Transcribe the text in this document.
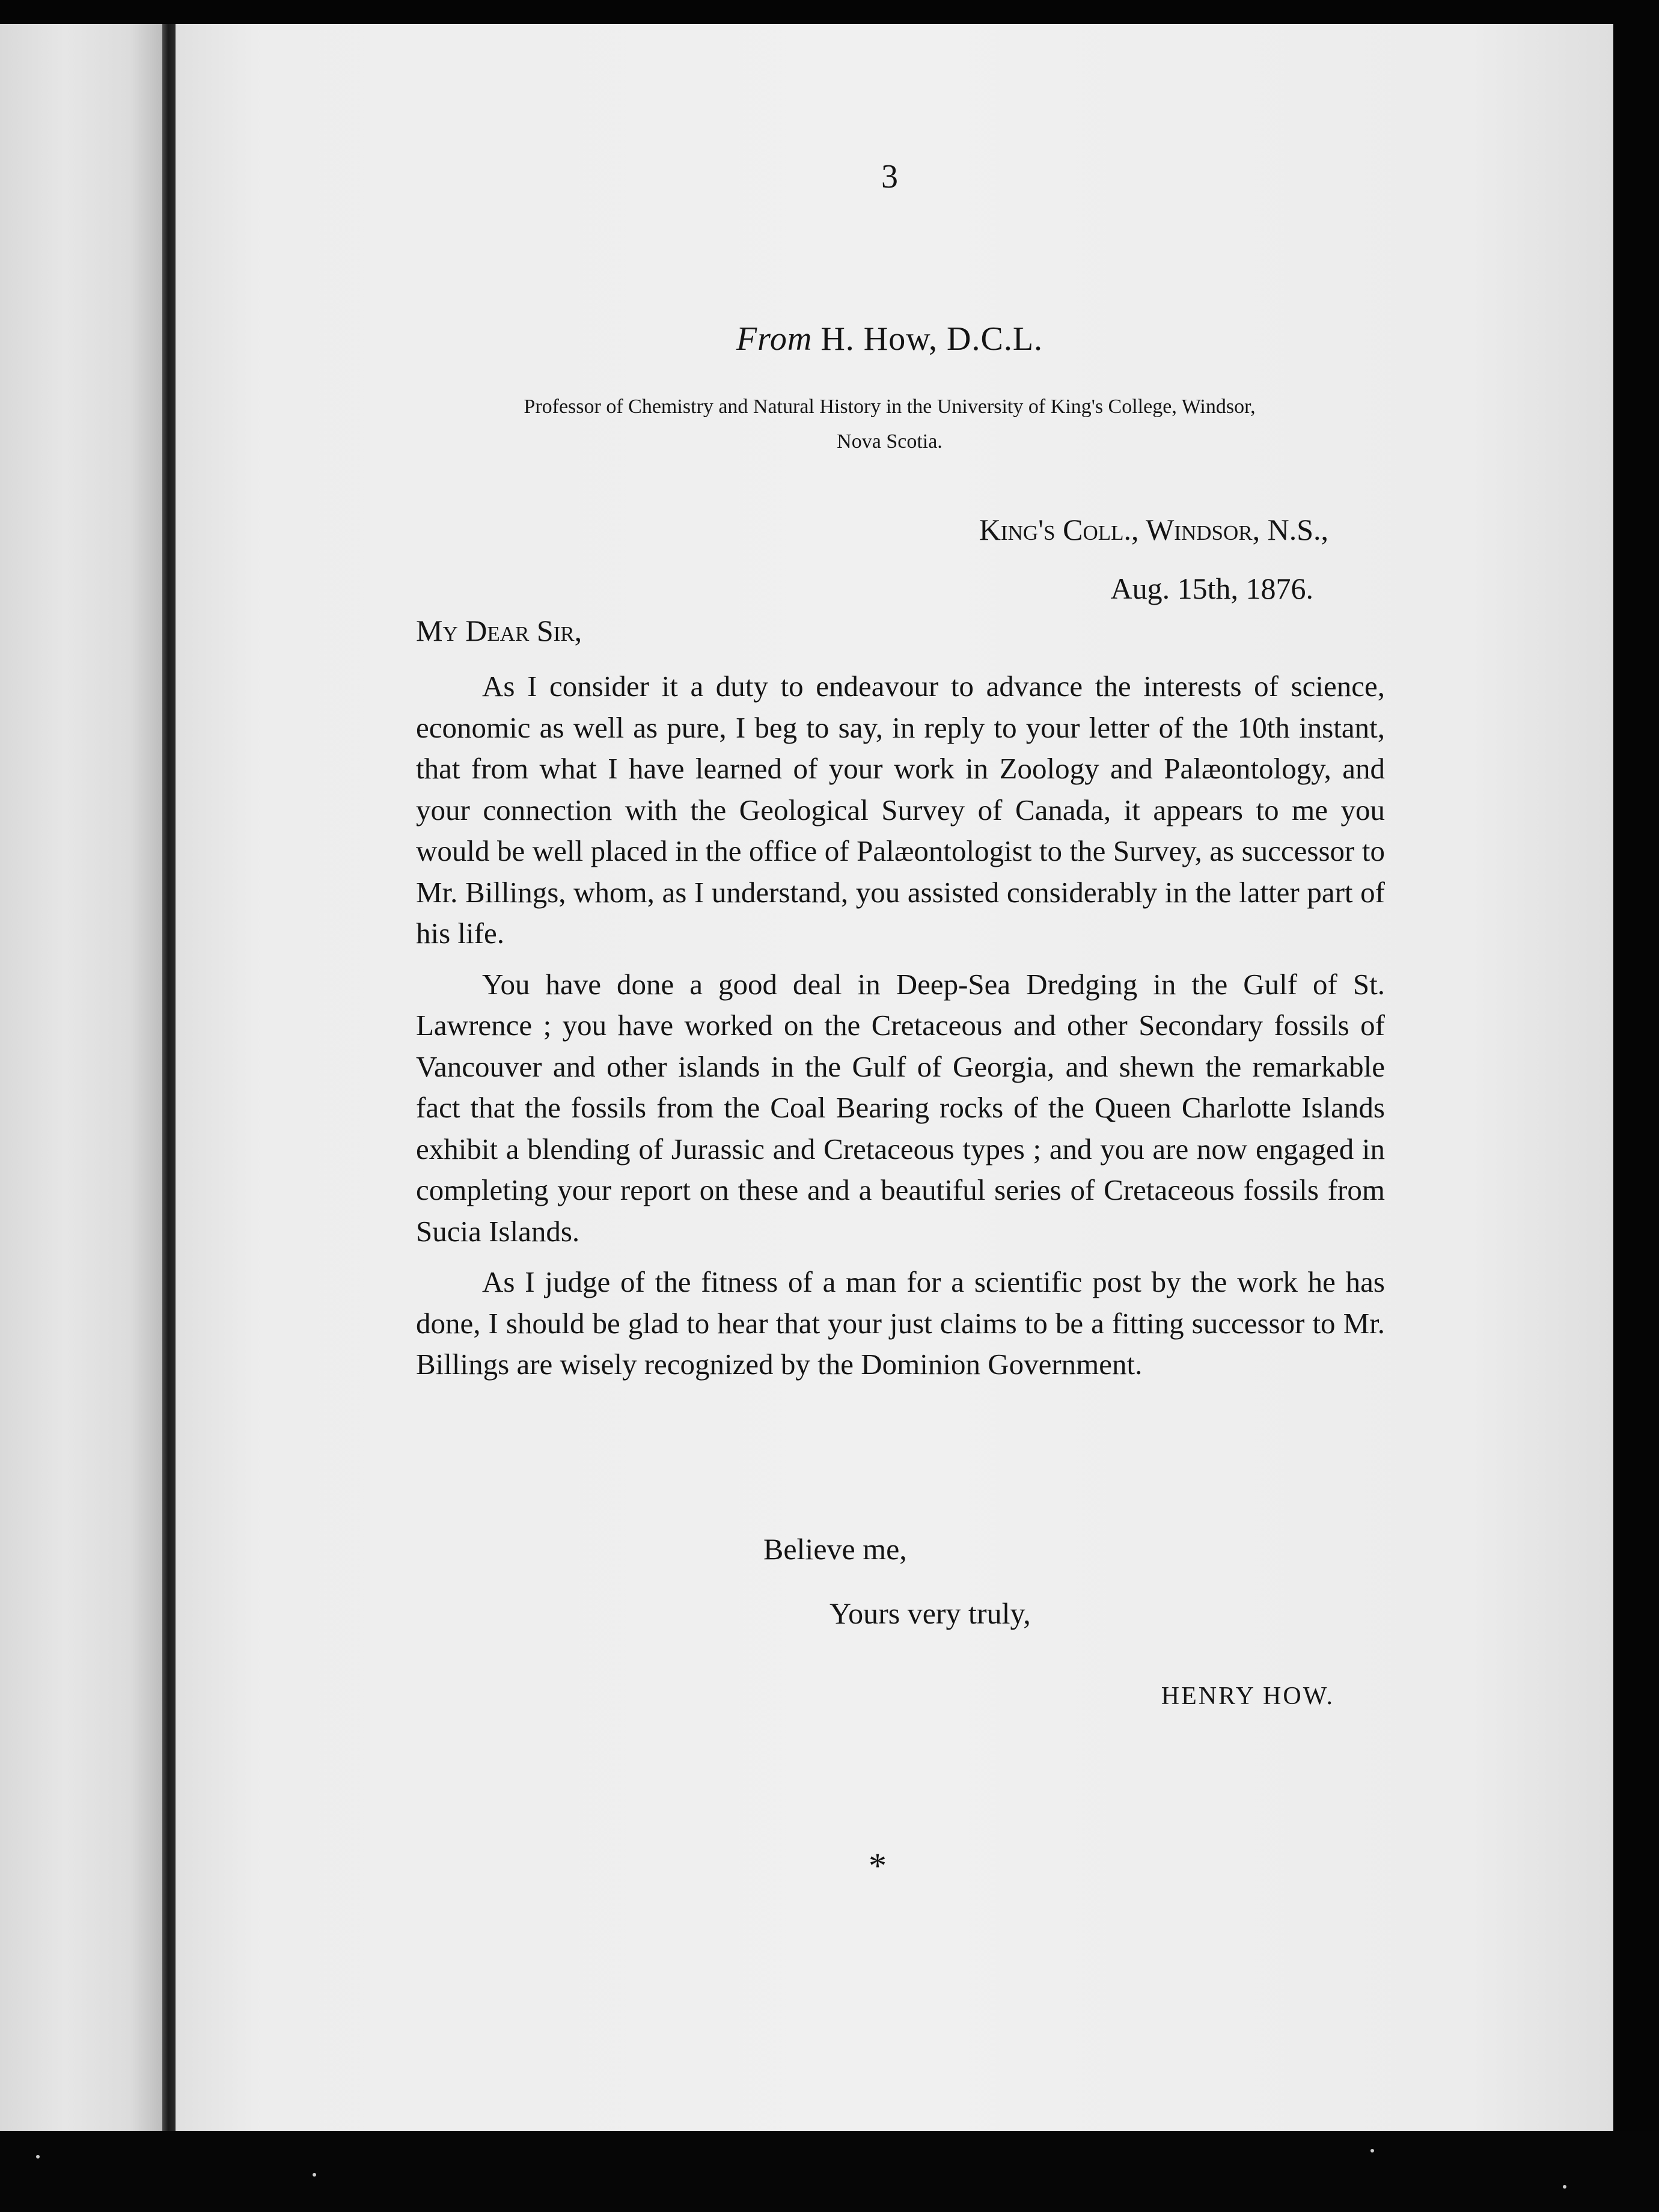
3
From H. How, D.C.L.
Professor of Chemistry and Natural History in the University of King's College, Windsor,
Nova Scotia.
King's Coll., Windsor, N.S.,
Aug. 15th, 1876.
My Dear Sir,

As I consider it a duty to endeavour to advance the interests of science, economic as well as pure, I beg to say, in reply to your letter of the 10th instant, that from what I have learned of your work in Zoology and Palæontology, and your connection with the Geological Survey of Canada, it appears to me you would be well placed in the office of Palæontologist to the Survey, as successor to Mr. Billings, whom, as I understand, you assisted considerably in the latter part of his life.

You have done a good deal in Deep-Sea Dredging in the Gulf of St. Lawrence ; you have worked on the Cretaceous and other Secondary fossils of Vancouver and other islands in the Gulf of Georgia, and shewn the remarkable fact that the fossils from the Coal Bearing rocks of the Queen Charlotte Islands exhibit a blending of Jurassic and Cretaceous types ; and you are now engaged in completing your report on these and a beautiful series of Cretaceous fossils from Sucia Islands.

As I judge of the fitness of a man for a scientific post by the work he has done, I should be glad to hear that your just claims to be a fitting successor to Mr. Billings are wisely recognized by the Dominion Government.

Believe me,
Yours very truly,
HENRY HOW.
*
